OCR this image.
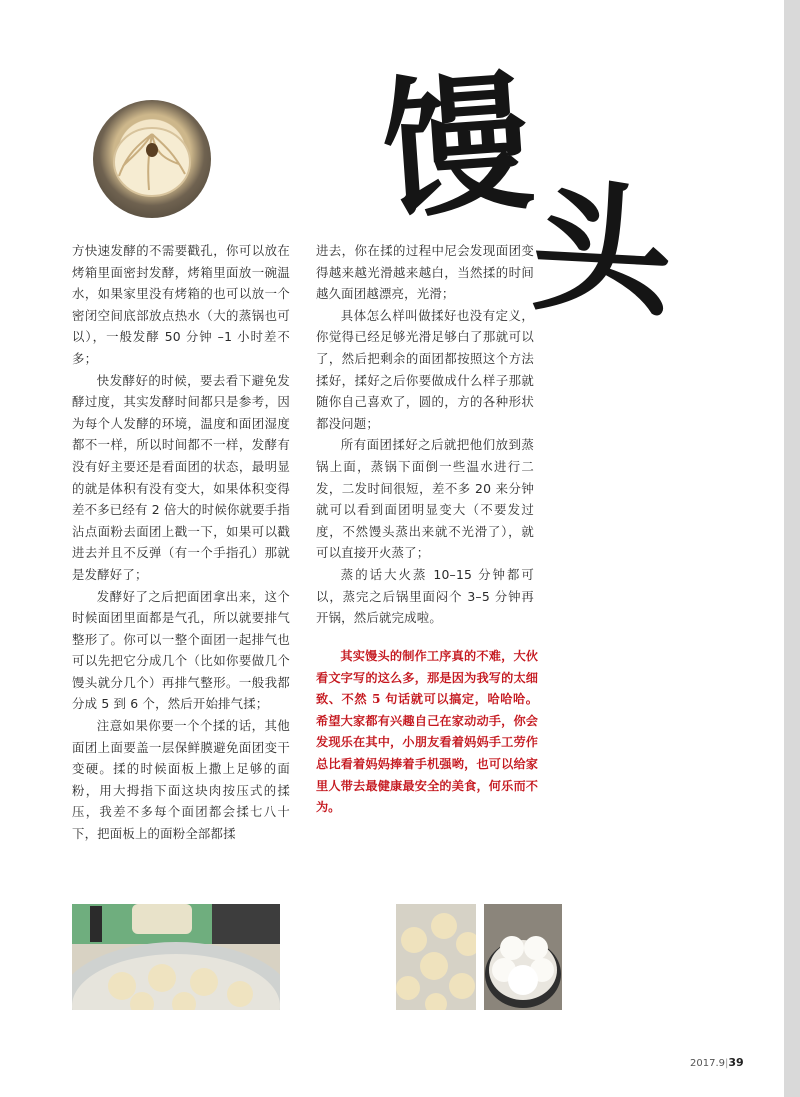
馒
头

方快速发酵的不需要戳孔，你可以放在烤箱里面密封发酵，烤箱里面放一碗温水，如果家里没有烤箱的也可以放一个密闭空间底部放点热水（大的蒸锅也可以），一般发酵 50 分钟 –1 小时差不多；

快发酵好的时候，要去看下避免发酵过度，其实发酵时间都只是参考，因为每个人发酵的环境，温度和面团湿度都不一样，所以时间都不一样，发酵有没有好主要还是看面团的状态，最明显的就是体积有没有变大，如果体积变得差不多已经有 2 倍大的时候你就要手指沾点面粉去面团上戳一下，如果可以戳进去并且不反弹（有一个手指孔）那就是发酵好了；

发酵好了之后把面团拿出来，这个时候面团里面都是气孔，所以就要排气整形了。你可以一整个面团一起排气也可以先把它分成几个（比如你要做几个馒头就分几个）再排气整形。一般我都分成 5 到 6 个，然后开始排气揉；

注意如果你要一个个揉的话，其他面团上面要盖一层保鲜膜避免面团变干变硬。揉的时候面板上撒上足够的面粉，用大拇指下面这块肉按压式的揉压，我差不多每个面团都会揉七八十下，把面板上的面粉全部都揉

进去，你在揉的过程中尼会发现面团变得越来越光滑越来越白，当然揉的时间越久面团越漂亮，光滑；

具体怎么样叫做揉好也没有定义，你觉得已经足够光滑足够白了那就可以了，然后把剩余的面团都按照这个方法揉好，揉好之后你要做成什么样子那就随你自己喜欢了，圆的，方的各种形状都没问题；

所有面团揉好之后就把他们放到蒸锅上面，蒸锅下面倒一些温水进行二发，二发时间很短，差不多 20 来分钟就可以看到面团明显变大（不要发过度，不然馒头蒸出来就不光滑了），就可以直接开火蒸了；

蒸的话大火蒸 10–15 分钟都可以，蒸完之后锅里面闷个 3–5 分钟再开锅，然后就完成啦。

其实馒头的制作工序真的不难，大伙看文字写的这么多，那是因为我写的太细致、不然 5 句话就可以搞定，哈哈哈。希望大家都有兴趣自己在家动动手，你会发现乐在其中，小朋友看着妈妈手工劳作总比看着妈妈捧着手机强哟，也可以给家里人带去最健康最安全的美食，何乐而不为。
2017.9|39
